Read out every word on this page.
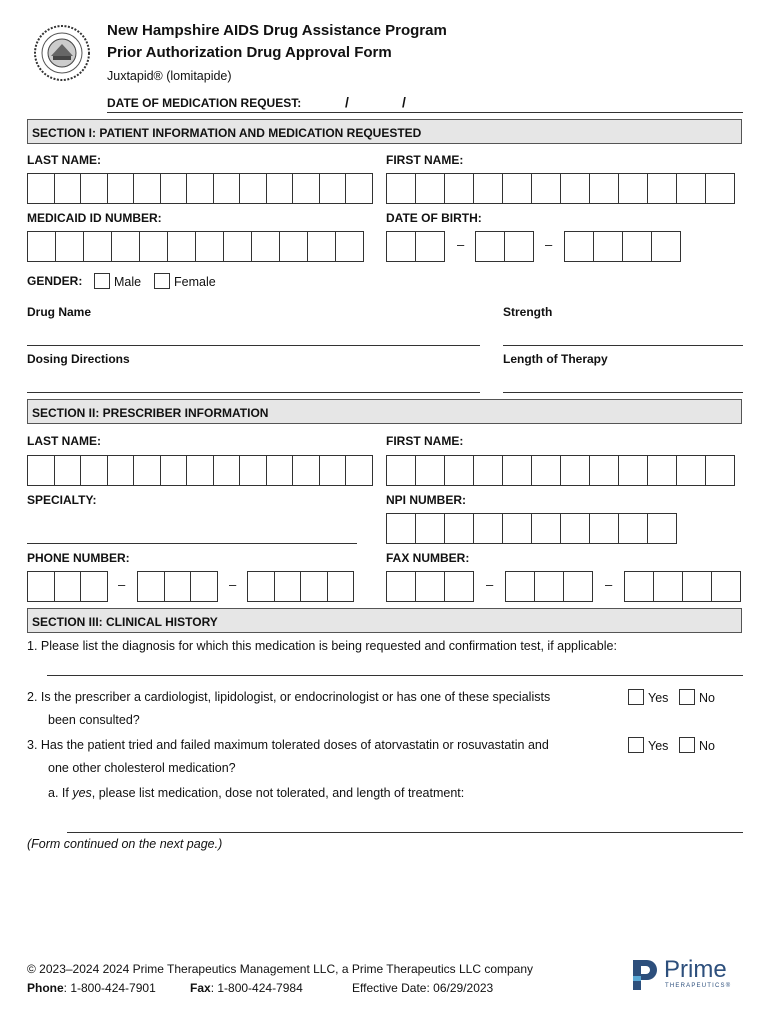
New Hampshire AIDS Drug Assistance Program
Prior Authorization Drug Approval Form
Juxtapid® (lomitapide)
DATE OF MEDICATION REQUEST:	/	/
SECTION I: PATIENT INFORMATION AND MEDICATION REQUESTED
LAST NAME:	FIRST NAME:
MEDICAID ID NUMBER:	DATE OF BIRTH:
–	–
GENDER:	Male	Female
Drug Name	Strength
Dosing Directions	Length of Therapy
SECTION II: PRESCRIBER INFORMATION
LAST NAME:	FIRST NAME:
SPECIALTY:	NPI NUMBER:
PHONE NUMBER:	FAX NUMBER:
–	–	–	–
SECTION III: CLINICAL HISTORY
1. Please list the diagnosis for which this medication is being requested and confirmation test, if applicable:
2. Is the prescriber a cardiologist, lipidologist, or endocrinologist or has one of these specialists
been consulted?
Yes	No
3. Has the patient tried and failed maximum tolerated doses of atorvastatin or rosuvastatin and
one other cholesterol medication?
Yes	No
a. If yes, please list medication, dose not tolerated, and length of treatment:
(Form continued on the next page.)
© 2023–2024 2024 Prime Therapeutics Management LLC, a Prime Therapeutics LLC company
Phone: 1-800-424-7901	Fax: 1-800-424-7984	Effective Date: 06/29/2023
Prime
THERAPEUTICS®
